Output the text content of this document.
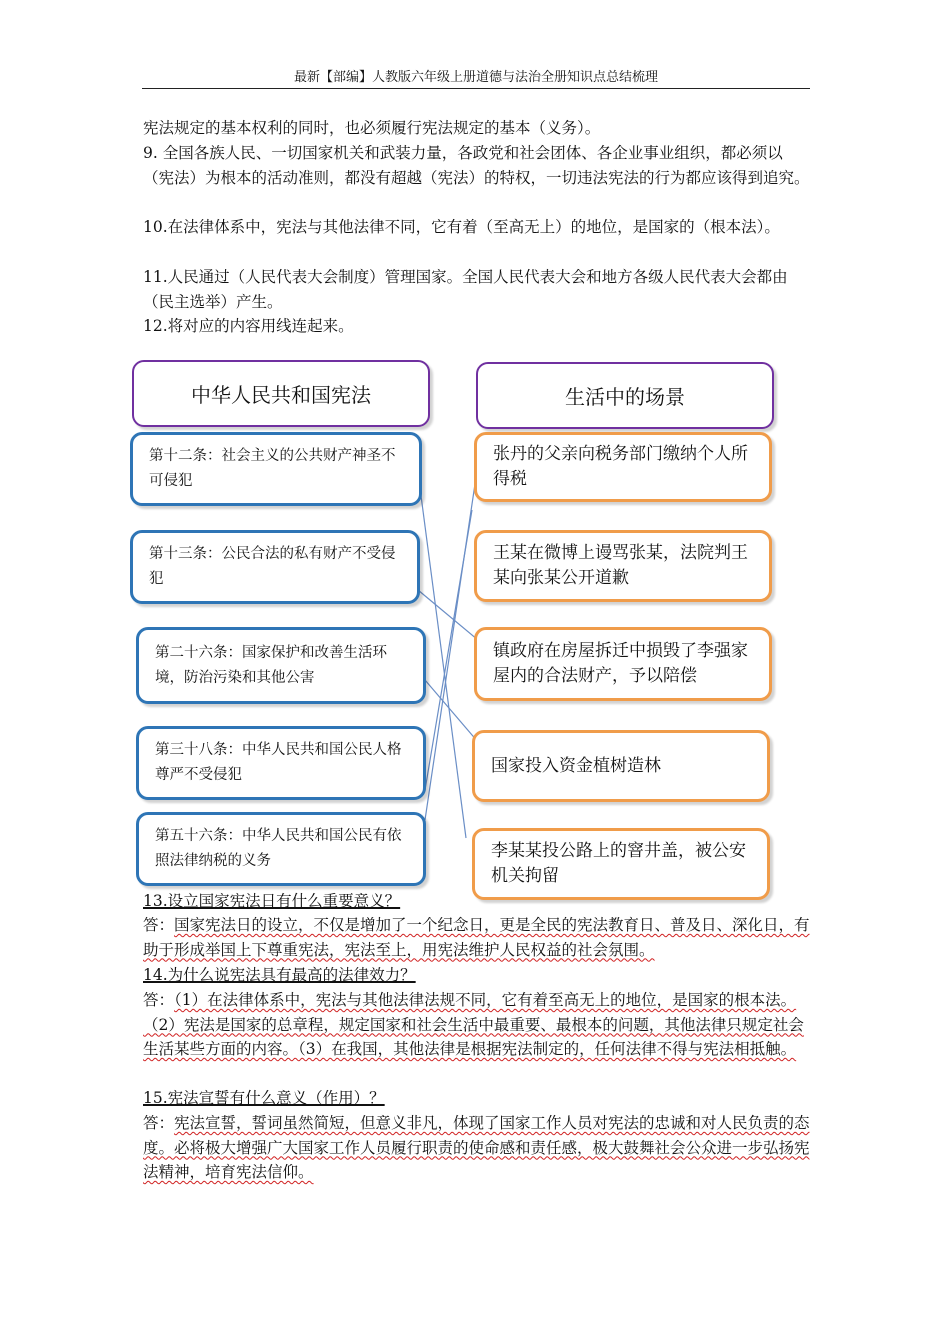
最新【部编】人教版六年级上册道德与法治全册知识点总结梳理
宪法规定的基本权利的同时，也必须履行宪法规定的基本（义务）。
9. 全国各族人民、一切国家机关和武装力量，各政党和社会团体、各企业事业组织，都必须以（宪法）为根本的活动准则，都没有超越（宪法）的特权，一切违法宪法的行为都应该得到追究。
10.在法律体系中，宪法与其他法律不同，它有着（至高无上）的地位，是国家的（根本法）。
11.人民通过（人民代表大会制度）管理国家。全国人民代表大会和地方各级人民代表大会都由（民主选举）产生。
12.将对应的内容用线连起来。
中华人民共和国宪法	生活中的场景
第十二条：社会主义的公共财产神圣不可侵犯
第十三条：公民合法的私有财产不受侵犯
第二十六条：国家保护和改善生活环境，防治污染和其他公害
第三十八条：中华人民共和国公民人格尊严不受侵犯
第五十六条：中华人民共和国公民有依照法律纳税的义务
张丹的父亲向税务部门缴纳个人所得税
王某在微博上谩骂张某，法院判王某向张某公开道歉
镇政府在房屋拆迁中损毁了李强家屋内的合法财产，予以陪偿
国家投入资金植树造林
李某某投公路上的窨井盖，被公安机关拘留
13.设立国家宪法日有什么重要意义？
答：国家宪法日的设立，不仅是增加了一个纪念日，更是全民的宪法教育日、普及日、深化日，有助于形成举国上下尊重宪法，宪法至上，用宪法维护人民权益的社会氛围。
14.为什么说宪法具有最高的法律效力？
答：（1）在法律体系中，宪法与其他法律法规不同，它有着至高无上的地位，是国家的根本法。（2）宪法是国家的总章程，规定国家和社会生活中最重要、最根本的问题，其他法律只规定社会生活某些方面的内容。（3）在我国，其他法律是根据宪法制定的，任何法律不得与宪法相抵触。
15.宪法宣誓有什么意义（作用）？
答：宪法宣誓，誓词虽然简短，但意义非凡，体现了国家工作人员对宪法的忠诚和对人民负责的态度。必将极大增强广大国家工作人员履行职责的使命感和责任感，极大鼓舞社会公众进一步弘扬宪法精神，培育宪法信仰。
